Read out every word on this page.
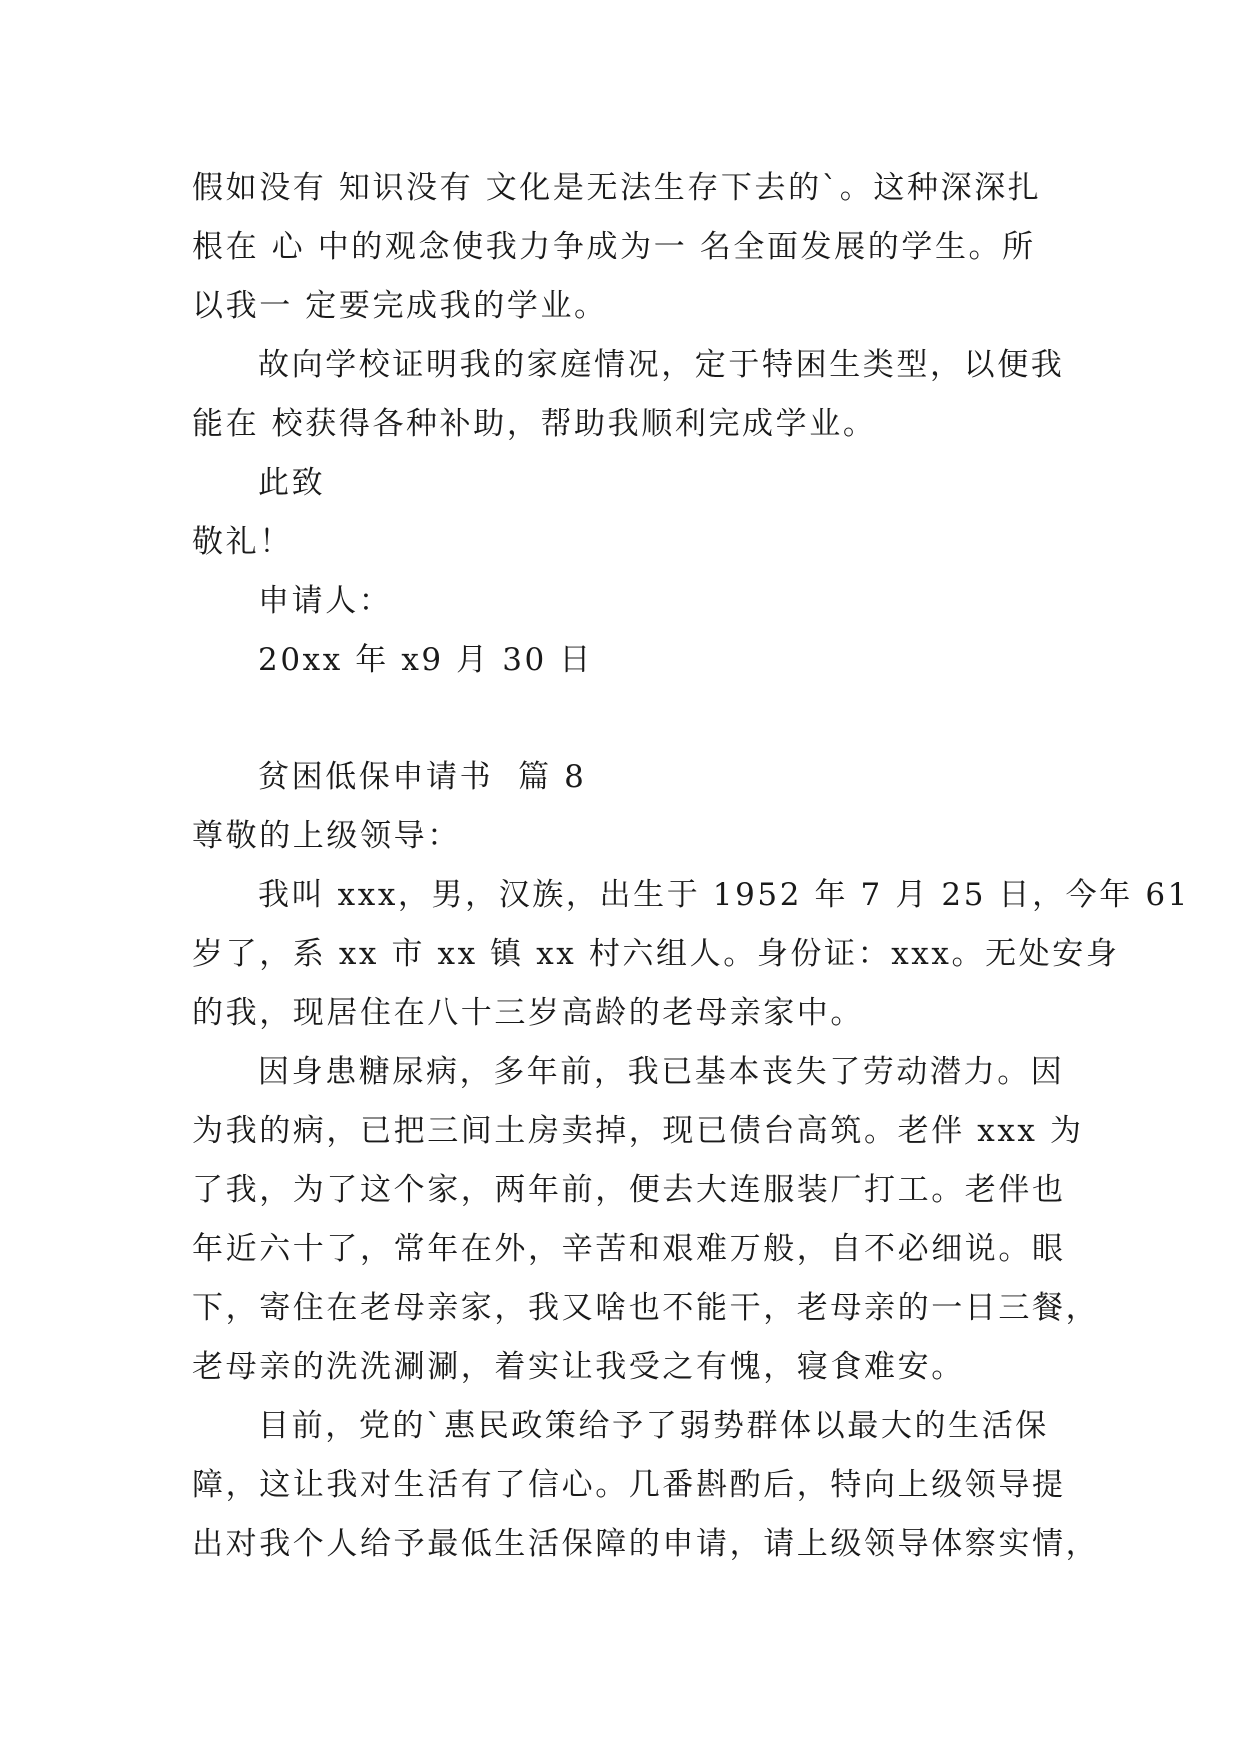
假如没有 知识没有 文化是无法生存下去的`。这种深深扎
根在 心 中的观念使我力争成为一 名全面发展的学生。所
以我一 定要完成我的学业。
故向学校证明我的家庭情况，定于特困生类型，以便我
能在 校获得各种补助，帮助我顺利完成学业。
此致
敬礼！
申请人：
20xx 年 x9 月 30 日
贫困低保申请书  篇 8
尊敬的上级领导：
我叫 xxx，男，汉族，出生于 1952 年 7 月 25 日，今年 61
岁了，系 xx 市 xx 镇 xx 村六组人。身份证：xxx。无处安身
的我，现居住在八十三岁高龄的老母亲家中。
因身患糖尿病，多年前，我已基本丧失了劳动潜力。因
为我的病，已把三间土房卖掉，现已债台高筑。老伴 xxx 为
了我，为了这个家，两年前，便去大连服装厂打工。老伴也
年近六十了，常年在外，辛苦和艰难万般，自不必细说。眼
下，寄住在老母亲家，我又啥也不能干，老母亲的一日三餐，
老母亲的洗洗涮涮，着实让我受之有愧，寝食难安。
目前，党的`惠民政策给予了弱势群体以最大的生活保
障，这让我对生活有了信心。几番斟酌后，特向上级领导提
出对我个人给予最低生活保障的申请，请上级领导体察实情，
